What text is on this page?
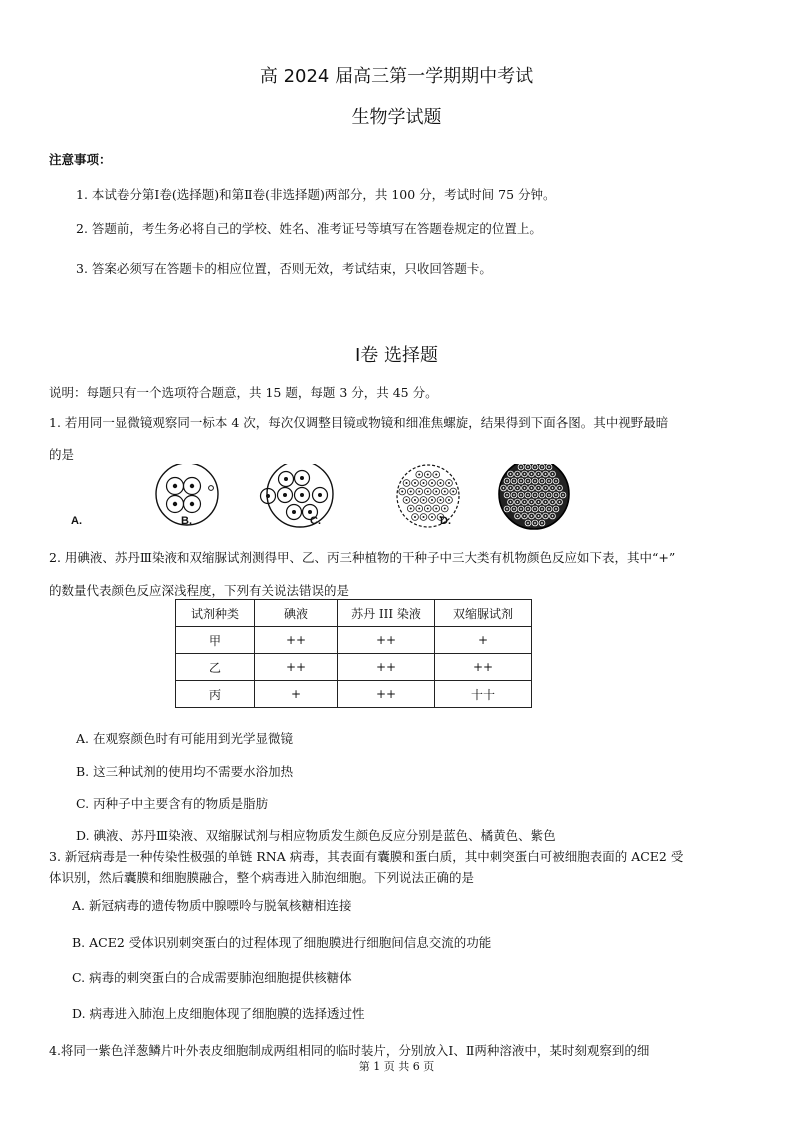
高 2024 届高三第一学期期中考试
生物学试题
注意事项：
1. 本试卷分第Ⅰ卷(选择题)和第Ⅱ卷(非选择题)两部分，共 100 分，考试时间 75 分钟。
2. 答题前，考生务必将自己的学校、姓名、准考证号等填写在答题卷规定的位置上。
3. 答案必须写在答题卡的相应位置，否则无效，考试结束，只收回答题卡。
Ⅰ卷 选择题
说明：每题只有一个选项符合题意，共 15 题，每题 3 分，共 45 分。
1. 若用同一显微镜观察同一标本 4 次，每次仅调整目镜或物镜和细准焦螺旋，结果得到下面各图。其中视野最暗
的是
A.	B.	C.	D.
2. 用碘液、苏丹Ⅲ染液和双缩脲试剂测得甲、乙、丙三种植物的干种子中三大类有机物颜色反应如下表，其中“+”
的数量代表颜色反应深浅程度，下列有关说法错误的是
试剂种类	碘液	苏丹 III 染液	双缩脲试剂
甲	++	++	+
乙	++	++	++
丙	+	++	十十
A. 在观察颜色时有可能用到光学显微镜
B. 这三种试剂的使用均不需要水浴加热
C. 丙种子中主要含有的物质是脂肪
D. 碘液、苏丹Ⅲ染液、双缩脲试剂与相应物质发生颜色反应分别是蓝色、橘黄色、紫色
3. 新冠病毒是一种传染性极强的单链 RNA 病毒，其表面有囊膜和蛋白质，其中刺突蛋白可被细胞表面的 ACE2 受
体识别，然后囊膜和细胞膜融合，整个病毒进入肺泡细胞。下列说法正确的是
A. 新冠病毒的遗传物质中腺嘌呤与脱氧核糖相连接
B. ACE2 受体识别刺突蛋白的过程体现了细胞膜进行细胞间信息交流的功能
C. 病毒的刺突蛋白的合成需要肺泡细胞提供核糖体
D. 病毒进入肺泡上皮细胞体现了细胞膜的选择透过性
4.将同一紫色洋葱鳞片叶外表皮细胞制成两组相同的临时装片，分别放入Ⅰ、Ⅱ两种溶液中，某时刻观察到的细
第 1 页 共 6 页
